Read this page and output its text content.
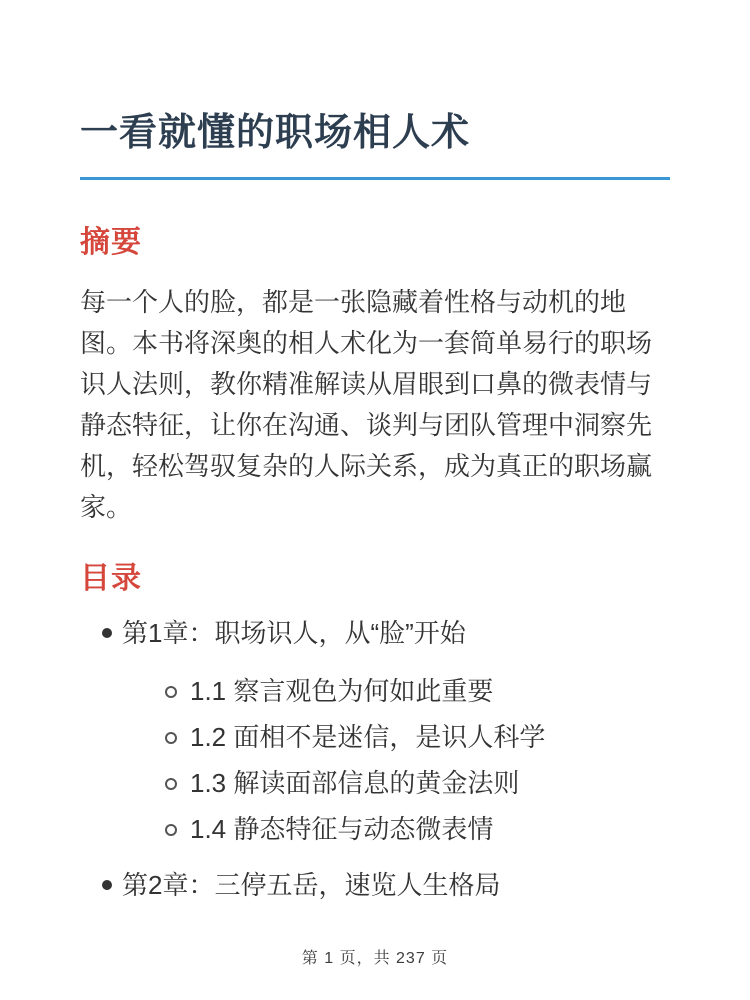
一看就懂的职场相人术
摘要

每一个人的脸，都是一张隐藏着性格与动机的地图。本书将深奥的相人术化为一套简单易行的职场识人法则，教你精准解读从眉眼到口鼻的微表情与静态特征，让你在沟通、谈判与团队管理中洞察先机，轻松驾驭复杂的人际关系，成为真正的职场赢家。

目录
第1章：职场识人，从“脸”开始
1.1 察言观色为何如此重要
1.2 面相不是迷信，是识人科学
1.3 解读面部信息的黄金法则
1.4 静态特征与动态微表情
第2章：三停五岳，速览人生格局
第 1 页，共 237 页
